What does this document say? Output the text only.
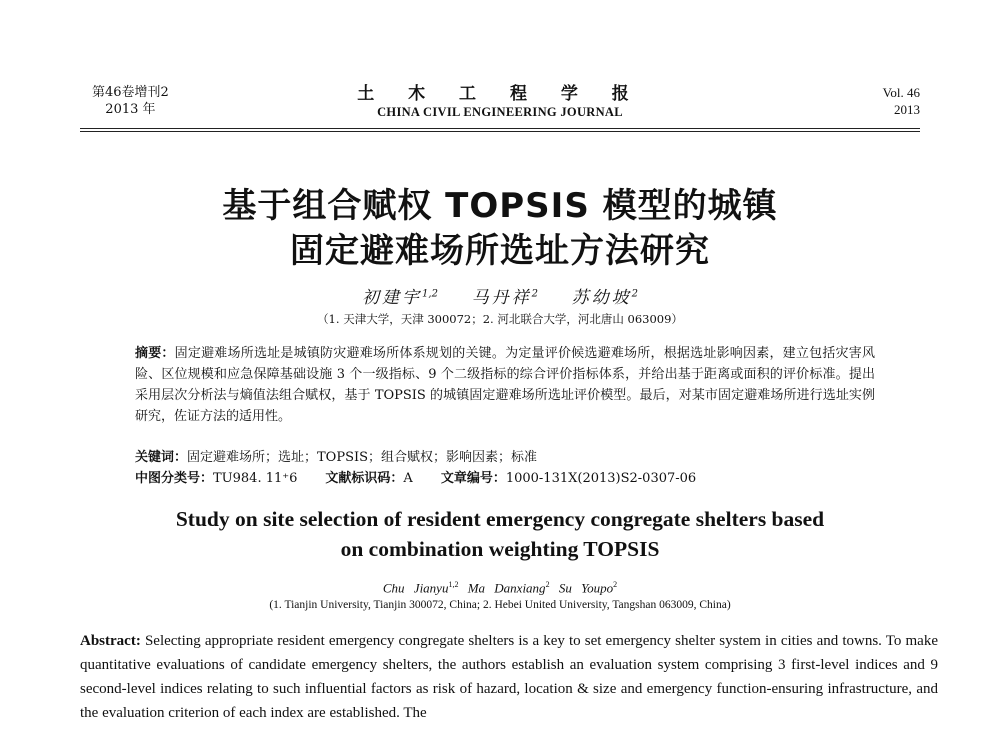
第46卷增刊2
2013 年
土 木 工 程 学 报
CHINA CIVIL ENGINEERING JOURNAL
Vol. 46
2013
基于组合赋权 TOPSIS 模型的城镇
固定避难场所选址方法研究
初建宇$^{1,2}$ 马丹祥$^2$ 苏幼坡$^2$
（1. 天津大学，天津 300072；2. 河北联合大学，河北唐山 063009）
摘要：固定避难场所选址是城镇防灾避难场所体系规划的关键。为定量评价候选避难场所，根据选址影响因素，建立包括灾害风险、区位规模和应急保障基础设施 3 个一级指标、9 个二级指标的综合评价指标体系，并给出基于距离或面积的评价标准。提出采用层次分析法与熵值法组合赋权，基于 TOPSIS 的城镇固定避难场所选址评价模型。最后，对某市固定避难场所进行选址实例研究，佐证方法的适用性。
关键词：固定避难场所；选址；TOPSIS；组合赋权；影响因素；标准
中图分类号：TU984. 11⁺6 文献标识码：A 文章编号：1000-131X(2013)S2-0307-06
Study on site selection of resident emergency congregate shelters based
on combination weighting TOPSIS
Chu Jianyu$^{1,2}$ Ma Danxiang$^2$ Su Youpo$^2$
(1. Tianjin University, Tianjin 300072, China; 2. Hebei United University, Tangshan 063009, China)
Abstract: Selecting appropriate resident emergency congregate shelters is a key to set emergency shelter system in cities and towns. To make quantitative evaluations of candidate emergency shelters, the authors establish an evaluation system comprising 3 first-level indices and 9 second-level indices relating to such influential factors as risk of hazard, location & size and emergency function-ensuring infrastructure, and the evaluation criterion of each index are established. The
